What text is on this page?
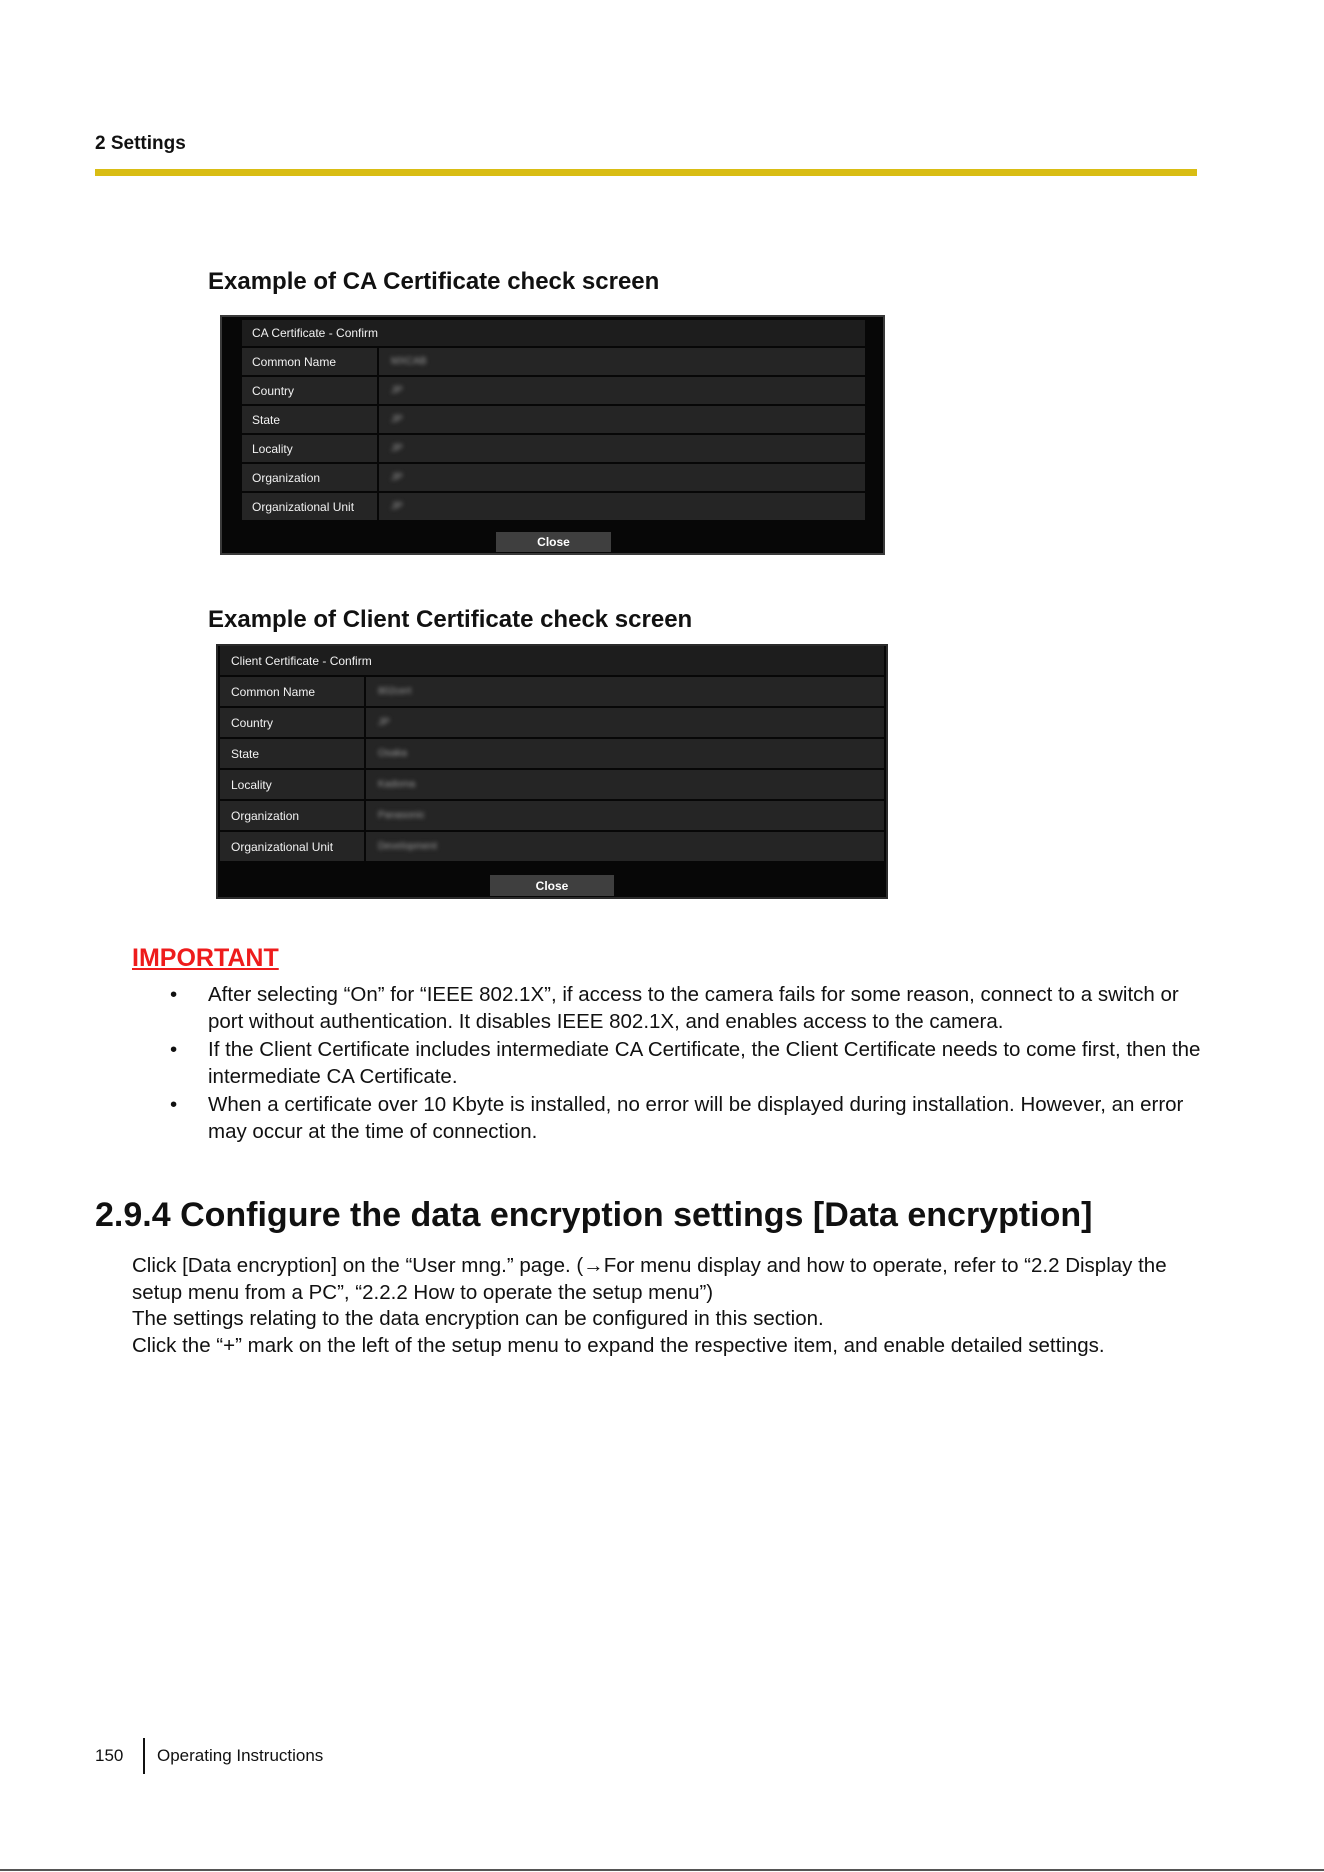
2 Settings
Example of CA Certificate check screen
CA Certificate - Confirm
Common Name	MXCAB
Country	JP
State	JP
Locality	JP
Organization	JP
Organizational Unit	JP
Close
Example of Client Certificate check screen
Client Certificate - Confirm
Common Name	802cert
Country	JP
State	Osaka
Locality	Kadoma
Organization	Panasonic
Organizational Unit	Development
Close
IMPORTANT
• After selecting “On” for “IEEE 802.1X”, if access to the camera fails for some reason, connect to a switch or port without authentication. It disables IEEE 802.1X, and enables access to the camera.
• If the Client Certificate includes intermediate CA Certificate, the Client Certificate needs to come first, then the intermediate CA Certificate.
• When a certificate over 10 Kbyte is installed, no error will be displayed during installation. However, an error may occur at the time of connection.
2.9.4 Configure the data encryption settings [Data encryption]

Click [Data encryption] on the “User mng.” page. (→For menu display and how to operate, refer to “2.2 Display the setup menu from a PC”, “2.2.2 How to operate the setup menu”)

The settings relating to the data encryption can be configured in this section.

Click the “+” mark on the left of the setup menu to expand the respective item, and enable detailed settings.

150 Operating Instructions
